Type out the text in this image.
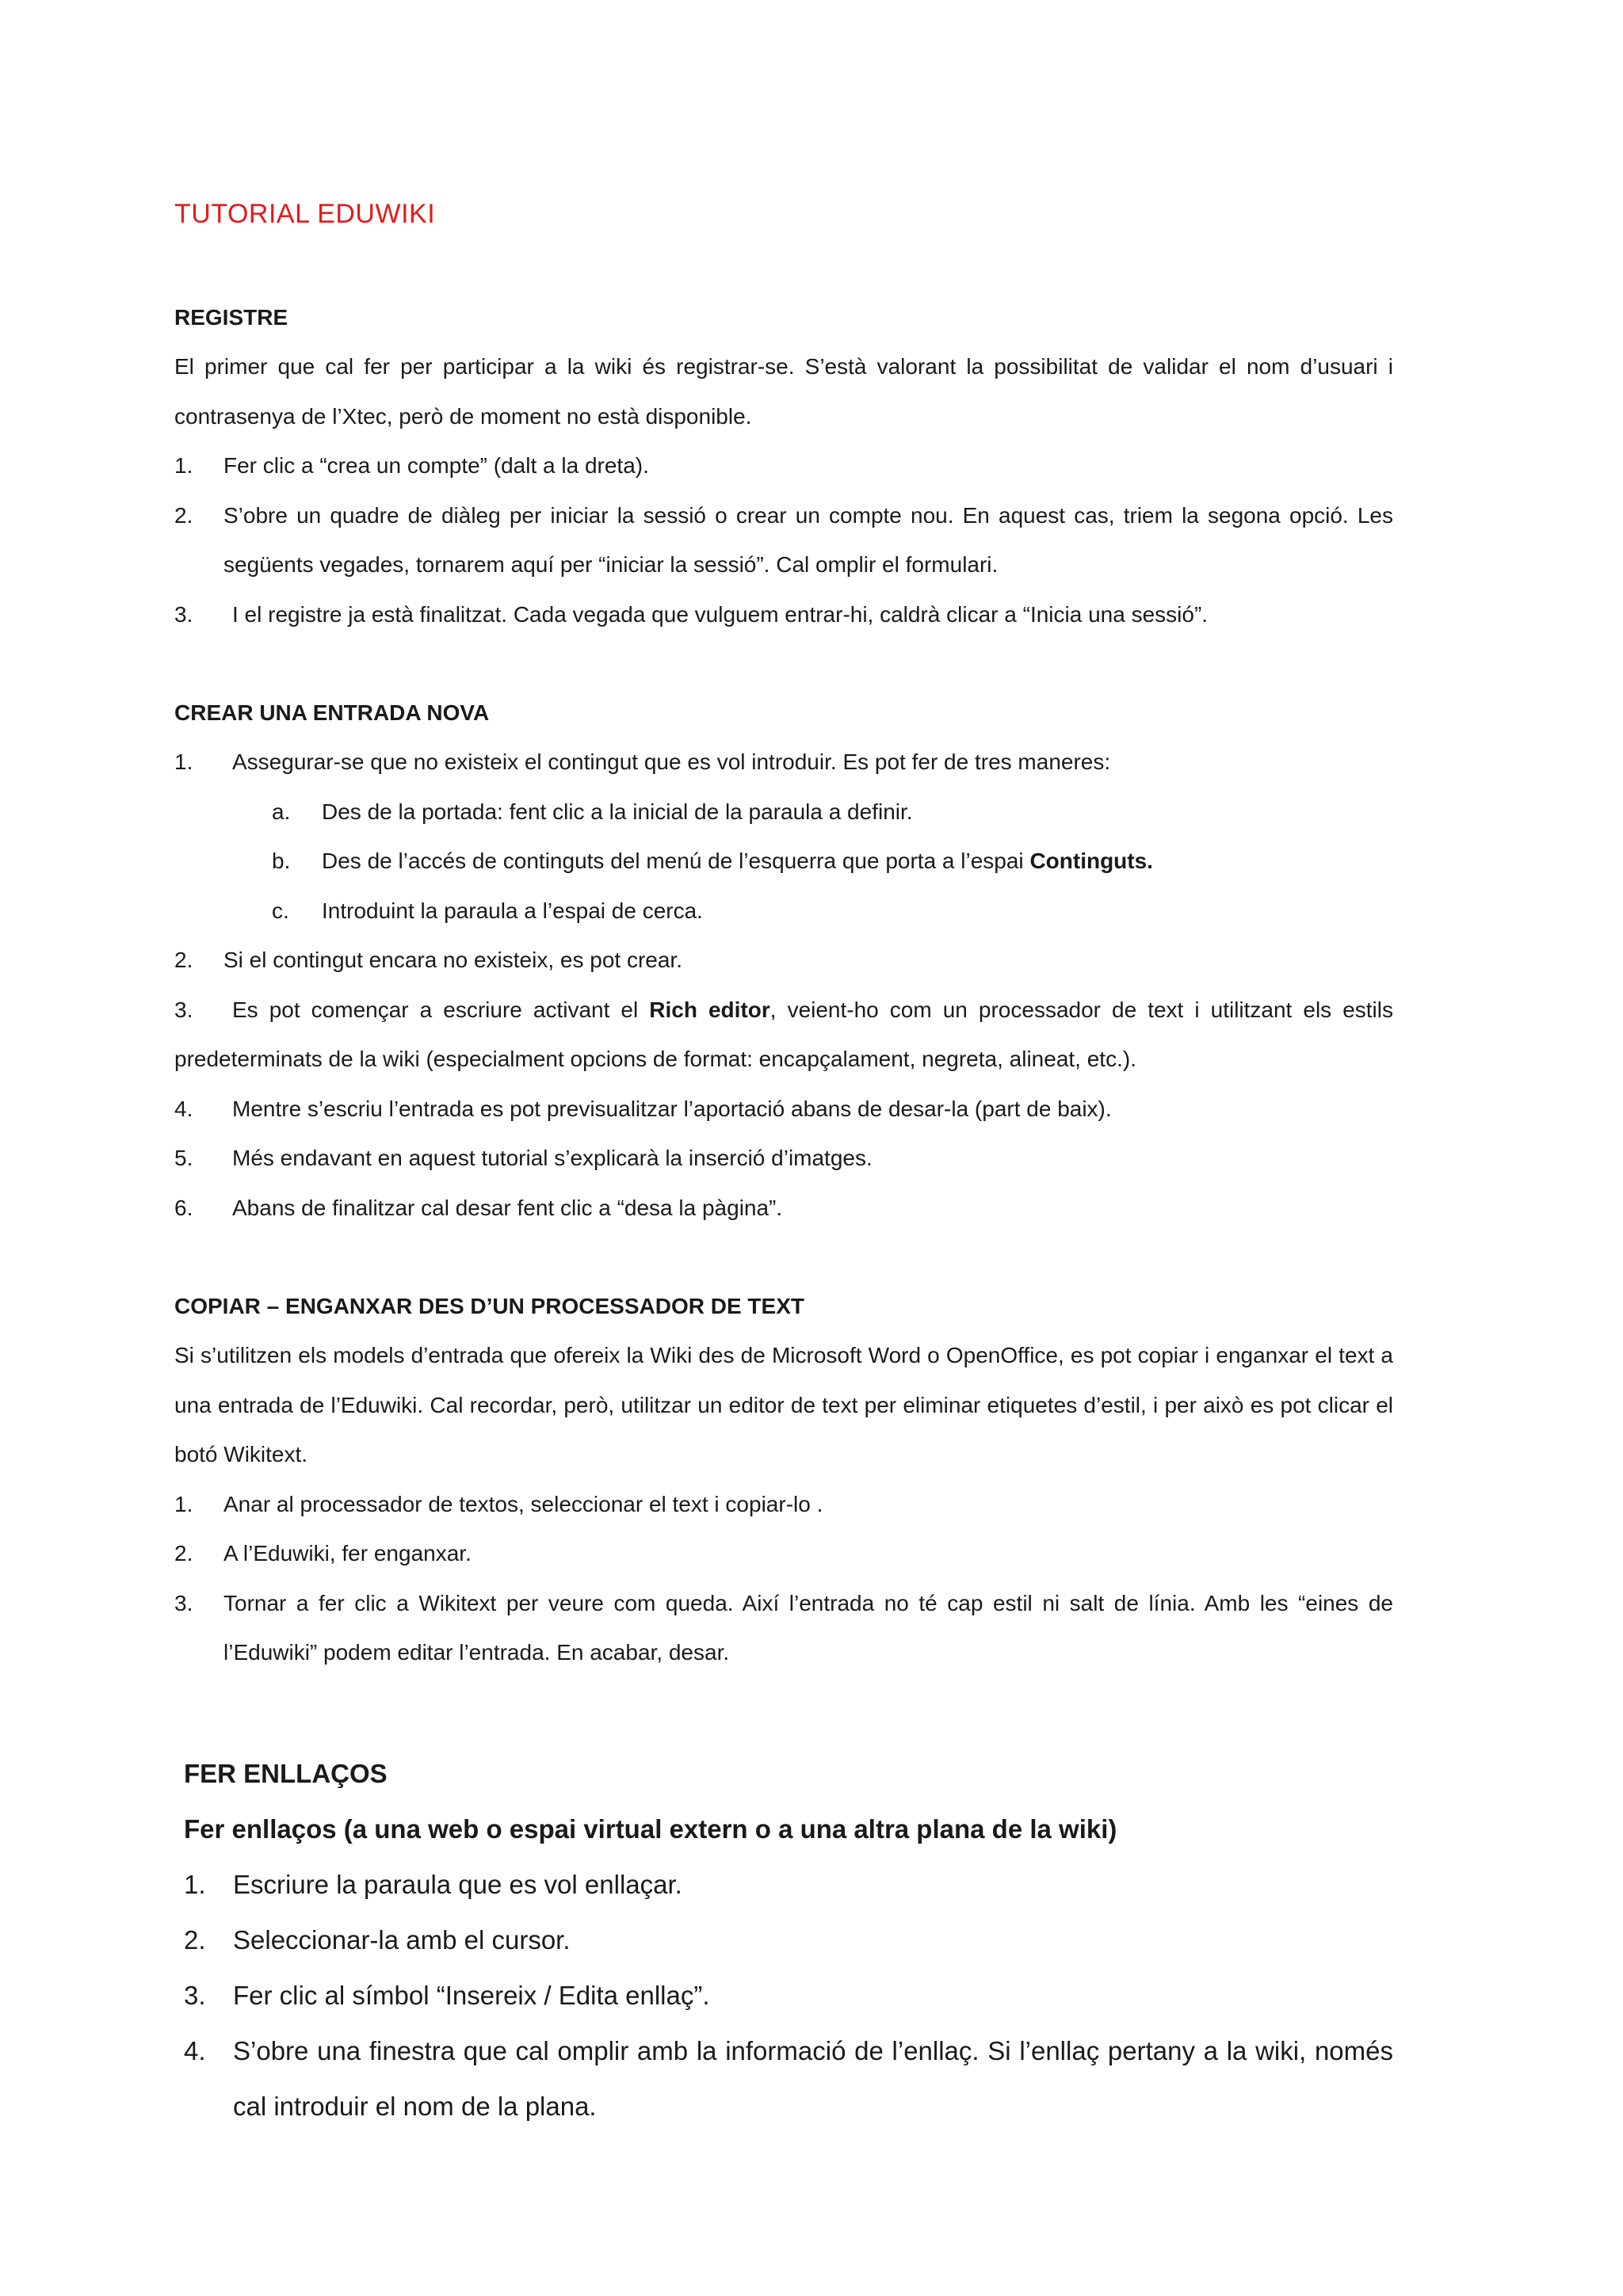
TUTORIAL EDUWIKI
REGISTRE

El primer que cal fer per participar a la wiki és registrar-se. S’està valorant la possibilitat de validar el nom d’usuari i contrasenya de l’Xtec, però de moment no està disponible.

1. Fer clic a “crea un compte” (dalt a la dreta).
2. S’obre un quadre de diàleg per iniciar la sessió o crear un compte nou. En aquest cas, triem la segona opció. Les següents vegades, tornarem aquí per “iniciar la sessió”. Cal omplir el formulari.
3. I el registre ja està finalitzat. Cada vegada que vulguem entrar-hi, caldrà clicar a “Inicia una sessió”.
CREAR UNA ENTRADA NOVA
1. Assegurar-se que no existeix el contingut que es vol introduir. Es pot fer de tres maneres:
a. Des de la portada: fent clic a la inicial de la paraula a definir.
b. Des de l’accés de continguts del menú de l’esquerra que porta a l’espai Continguts.
c. Introduint la paraula a l’espai de cerca.
2. Si el contingut encara no existeix, es pot crear.

3. Es pot començar a escriure activant el Rich editor, veient-ho com un processador de text i utilitzant els estils predeterminats de la wiki (especialment opcions de format: encapçalament, negreta, alineat, etc.).

4. Mentre s’escriu l’entrada es pot previsualitzar l’aportació abans de desar-la (part de baix).
5. Més endavant en aquest tutorial s’explicarà la inserció d’imatges.
6. Abans de finalitzar cal desar fent clic a “desa la pàgina”.
COPIAR – ENGANXAR DES D’UN PROCESSADOR DE TEXT

Si s’utilitzen els models d’entrada que ofereix la Wiki des de Microsoft Word o OpenOffice, es pot copiar i enganxar el text a una entrada de l’Eduwiki. Cal recordar, però, utilitzar un editor de text per eliminar etiquetes d’estil, i per això es pot clicar el botó Wikitext.

1. Anar al processador de textos, seleccionar el text i copiar-lo .
2. A l’Eduwiki, fer enganxar.
3. Tornar a fer clic a Wikitext per veure com queda. Així l’entrada no té cap estil ni salt de línia. Amb les “eines de l’Eduwiki” podem editar l’entrada. En acabar, desar.
FER ENLLAÇOS
Fer enllaços (a una web o espai virtual extern o a una altra plana de la wiki)
1. Escriure la paraula que es vol enllaçar.
2. Seleccionar-la amb el cursor.
3. Fer clic al símbol “Insereix / Edita enllaç”.
4. S’obre una finestra que cal omplir amb la informació de l’enllaç. Si l’enllaç pertany a la wiki, només cal introduir el nom de la plana.
